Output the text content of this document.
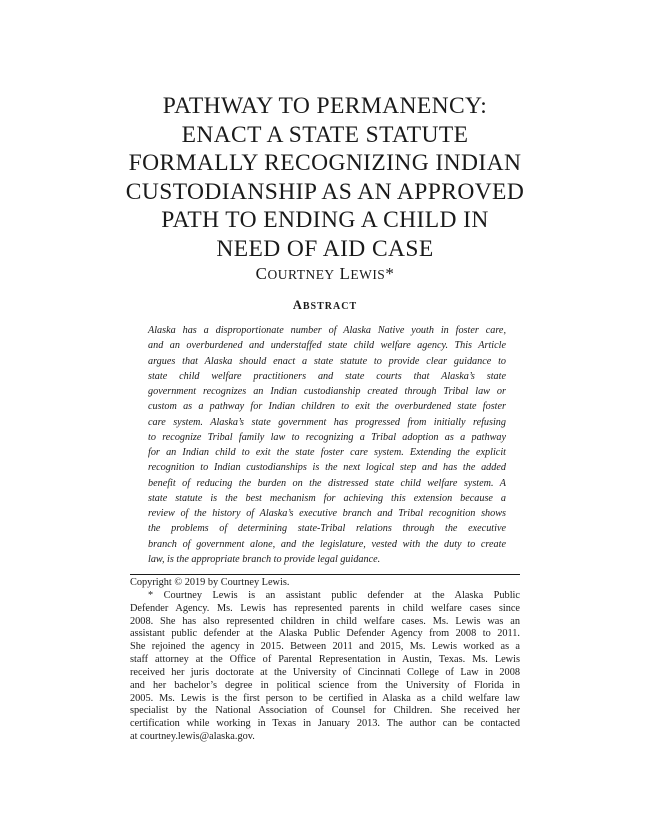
PATHWAY TO PERMANENCY:
ENACT A STATE STATUTE
FORMALLY RECOGNIZING INDIAN
CUSTODIANSHIP AS AN APPROVED
PATH TO ENDING A CHILD IN
NEED OF AID CASE
COURTNEY LEWIS*
ABSTRACT
Alaska has a disproportionate number of Alaska Native youth in foster care,
and an overburdened and understaffed state child welfare agency. This Article
argues that Alaska should enact a state statute to provide clear guidance to
state child welfare practitioners and state courts that Alaska’s state
government recognizes an Indian custodianship created through Tribal law or
custom as a pathway for Indian children to exit the overburdened state foster
care system. Alaska’s state government has progressed from initially refusing
to recognize Tribal family law to recognizing a Tribal adoption as a pathway
for an Indian child to exit the state foster care system. Extending the explicit
recognition to Indian custodianships is the next logical step and has the added
benefit of reducing the burden on the distressed state child welfare system. A
state statute is the best mechanism for achieving this extension because a
review of the history of Alaska’s executive branch and Tribal recognition shows
the problems of determining state-Tribal relations through the executive
branch of government alone, and the legislature, vested with the duty to create
law, is the appropriate branch to provide legal guidance.
Copyright © 2019 by Courtney Lewis.
* Courtney Lewis is an assistant public defender at the Alaska Public
Defender Agency. Ms. Lewis has represented parents in child welfare cases since
2008. She has also represented children in child welfare cases. Ms. Lewis was an
assistant public defender at the Alaska Public Defender Agency from 2008 to 2011.
She rejoined the agency in 2015. Between 2011 and 2015, Ms. Lewis worked as a
staff attorney at the Office of Parental Representation in Austin, Texas. Ms. Lewis
received her juris doctorate at the University of Cincinnati College of Law in 2008
and her bachelor’s degree in political science from the University of Florida in
2005. Ms. Lewis is the first person to be certified in Alaska as a child welfare law
specialist by the National Association of Counsel for Children. She received her
certification while working in Texas in January 2013. The author can be contacted
at courtney.lewis@alaska.gov.
